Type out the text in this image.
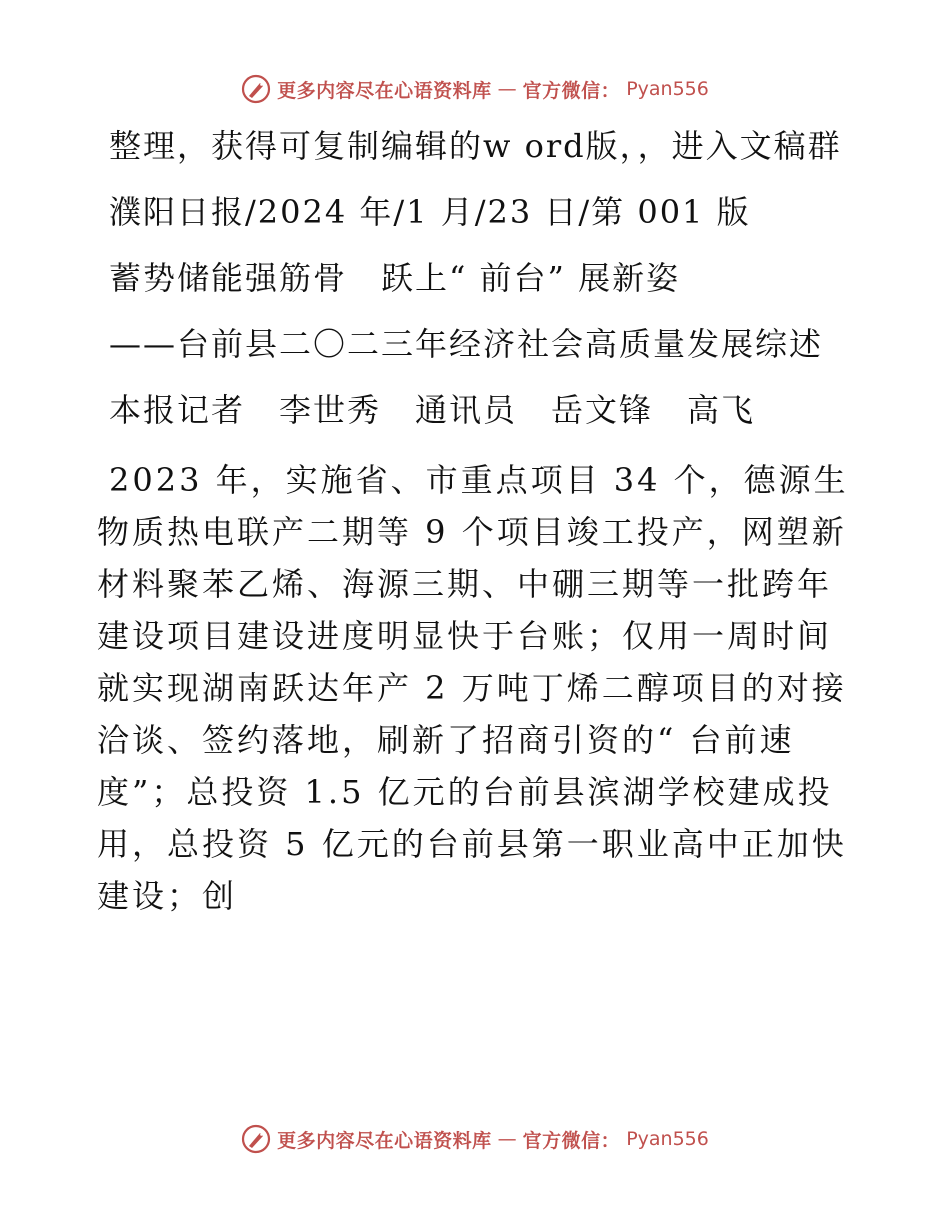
更多内容尽在心语资料库 — 官方微信： Pyan556

整理，获得可复制编辑的w ord版，，进入文稿群

濮阳日报/2024 年/1 月/23 日/第 001 版

蓄势储能强筋骨　跃上“ 前台” 展新姿

——台前县二〇二三年经济社会高质量发展综述

本报记者　李世秀　通讯员　岳文锋　高飞

2023 年，实施省、市重点项目 34 个，德源生物质热电联产二期等 9 个项目竣工投产，网塑新材料聚苯乙烯、海源三期、中硼三期等一批跨年建设项目建设进度明显快于台账；仅用一周时间就实现湖南跃达年产 2 万吨丁烯二醇项目的对接洽谈、签约落地，刷新了招商引资的“ 台前速度”；总投资 1.5 亿元的台前县滨湖学校建成投用，总投资 5 亿元的台前县第一职业高中正加快建设；创

更多内容尽在心语资料库 — 官方微信： Pyan556
